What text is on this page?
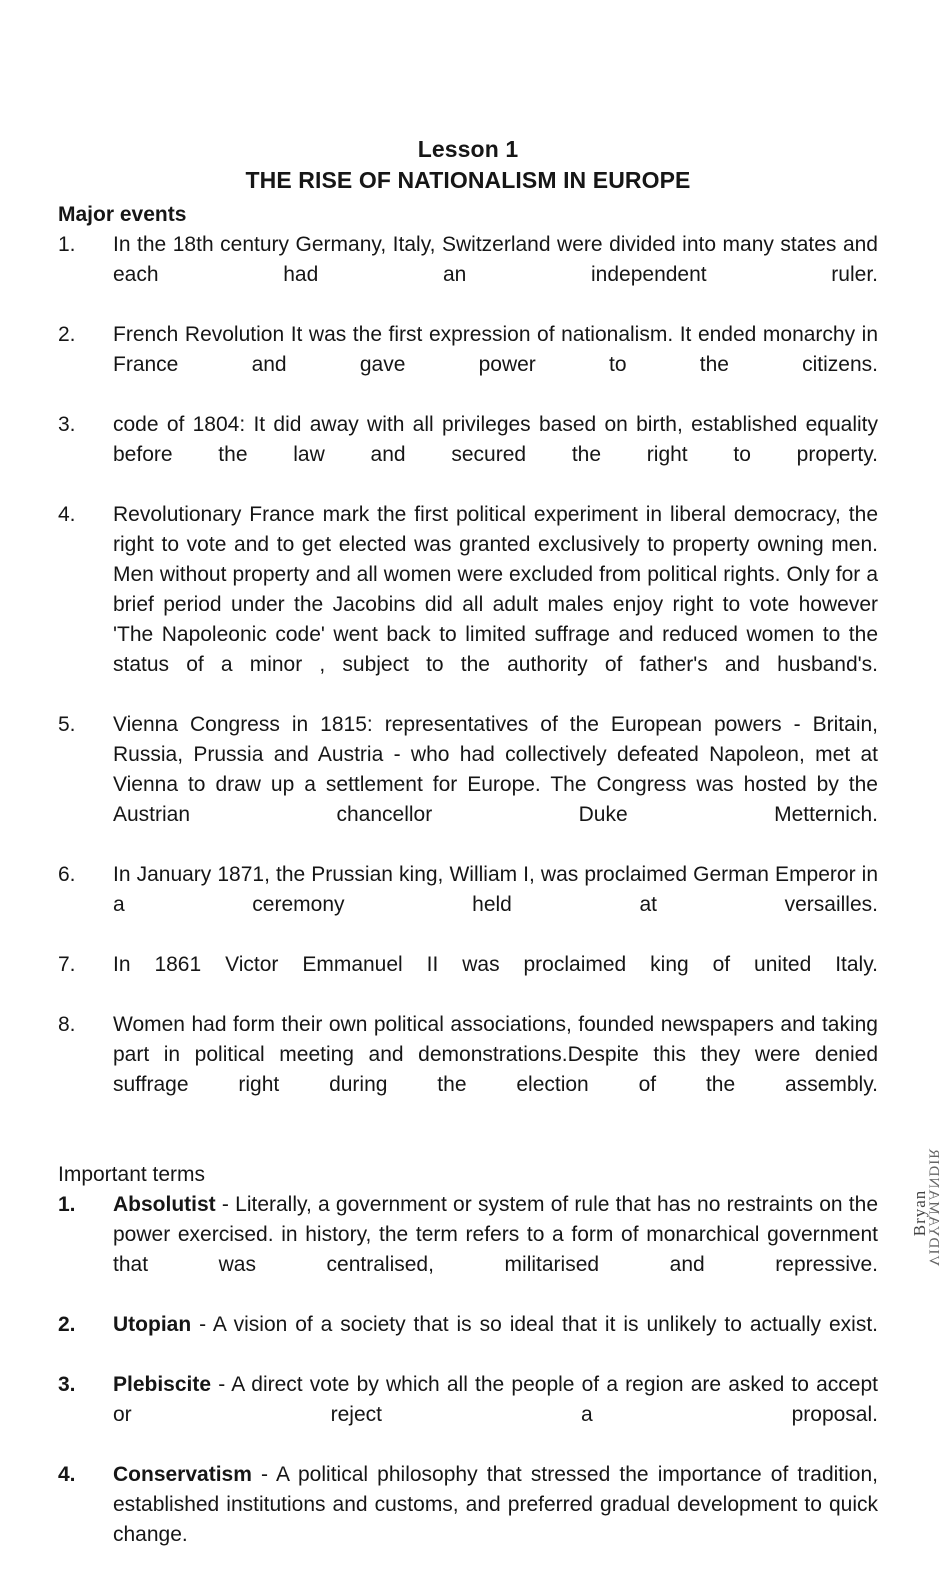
Lesson 1
THE RISE OF NATIONALISM IN EUROPE
Major events
1.	In the 18th century Germany, Italy, Switzerland were divided into many states and each had an independent ruler.
2.	French Revolution It was the first expression of nationalism. It ended monarchy in France and gave power to the citizens.
3.	code of 1804: It did away with all privileges based on birth, established equality before the law and secured the right to property.
4.	Revolutionary France mark the first political experiment in liberal democracy, the right to vote and to get elected was granted exclusively to property owning men. Men without property and all women were excluded from political rights. Only for a brief period under the Jacobins did all adult males enjoy right to vote however 'The Napoleonic code' went back to limited suffrage and reduced women to the status of a minor , subject to the authority of father's and husband's.
5.	Vienna Congress in 1815: representatives of the European powers - Britain, Russia, Prussia and Austria - who had collectively defeated Napoleon, met at Vienna to draw up a settlement for Europe. The Congress was hosted by the Austrian chancellor Duke Metternich.
6.	In January 1871, the Prussian king, William I, was proclaimed German Emperor in a ceremony held at versailles.
7.	In 1861 Victor Emmanuel II was proclaimed king of united Italy.
8.	Women had form their own political associations, founded newspapers and taking part in political meeting and demonstrations.Despite this they were denied suffrage right during the election of the assembly.
Important terms
1.	Absolutist - Literally, a government or system of rule that has no restraints on the power exercised. in history, the term refers to a form of monarchical government that was centralised, militarised and repressive.
2.	Utopian - A vision of a society that is so ideal that it is unlikely to actually exist.
3.	Plebiscite - A direct vote by which all the people of a region are asked to accept or reject a proposal.
4.	Conservatism - A political philosophy that stressed the importance of tradition, established institutions and customs, and preferred gradual development to quick change.
Bryan
VIDYAMANDIR
